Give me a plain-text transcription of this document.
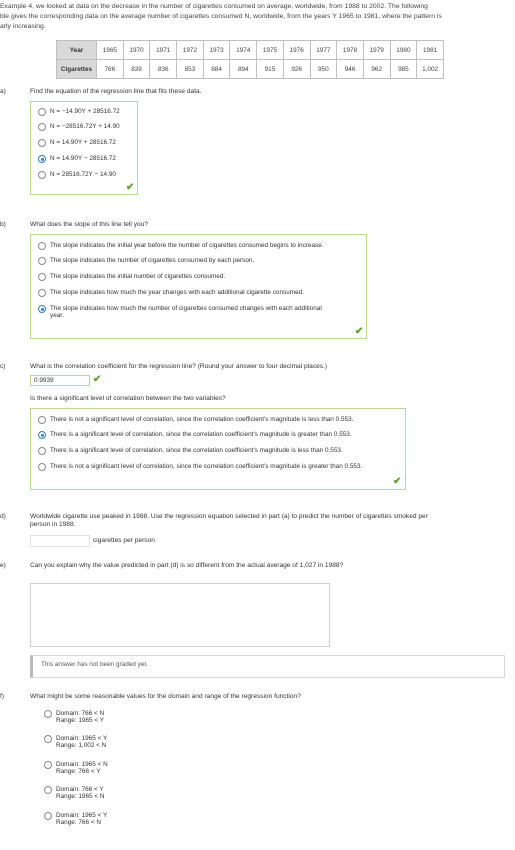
Example 4, we looked at data on the decrease in the number of cigarettes consumed on average, worldwide, from 1988 to 2002. The following
ble gives the corresponding data on the average number of cigarettes consumed N, worldwide, from the years Y 1965 to 1981, where the pattern is
arly increasing.
Year	1965	1970	1971	1972	1973	1974	1975	1976	1977	1978	1979	1980	1981
Cigarettes	766	839	836	853	884	894	915	926	950	946	962	985	1,002
a)	Find the equation of the regression line that fits these data.
N = −14.90Y + 28516.72
N = −28516.72Y + 14.90
N = 14.90Y + 28516.72
N = 14.90Y − 28516.72
N = 28516.72Y − 14.90
✔
b)	What does the slope of this line tell you?
The slope indicates the initial year before the number of cigarettes consumed begins to increase.
The slope indicates the number of cigarettes consumed by each person.
The slope indicates the initial number of cigarettes consumed.
The slope indicates how much the year changes with each additional cigarette consumed.
The slope indicates how much the number of cigarettes consumed changes with each additional
year.
✔
c)	What is the correlation coefficient for the regression line? (Round your answer to four decimal places.)
0.9939	✔
Is there a significant level of correlation between the two variables?
There is not a significant level of correlation, since the correlation coefficient's magnitude is less than 0.553.
There is a significant level of correlation, since the correlation coefficient's magnitude is greater than 0.553.
There is a significant level of correlation, since the correlation coefficient's magnitude is less than 0.553.
There is not a significant level of correlation, since the correlation coefficient's magnitude is greater than 0.553.
✔
d)	Worldwide cigarette use peaked in 1988. Use the regression equation selected in part (a) to predict the number of cigarettes smoked per
person in 1988.
cigarettes per person
e)	Can you explain why the value predicted in part (d) is so different from the actual average of 1,027 in 1988?
This answer has not been graded yet.
f)	What might be some reasonable values for the domain and range of the regression function?
Domain: 766 < N
Range: 1965 < Y
Domain: 1965 < Y
Range: 1,002 < N
Domain: 1965 < N
Range: 766 < Y
Domain: 766 < Y
Range: 1965 < N
Domain: 1965 < Y
Range: 766 < N
